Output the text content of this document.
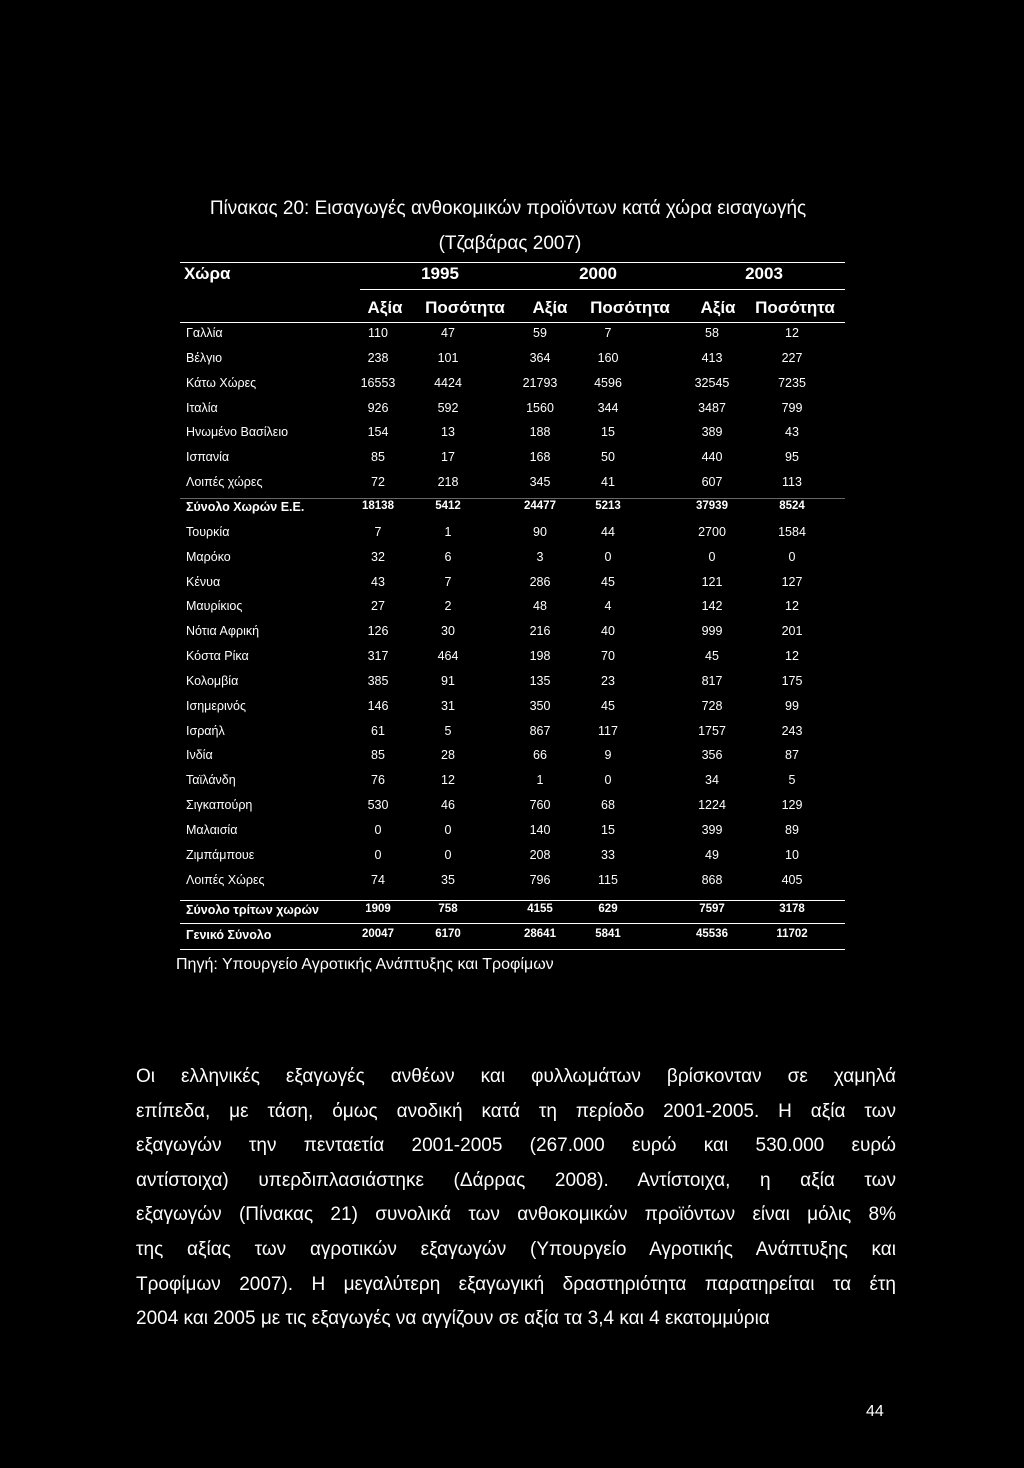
Πίνακας 20: Εισαγωγές ανθοκομικών προϊόντων κατά χώρα εισαγωγής
(Τζαβάρας 2007)
Χώρα	1995	2000	2003
Αξία	Ποσότητα	Αξία	Ποσότητα	Αξία	Ποσότητα
Γαλλία	110	47	59	7	58	12
Βέλγιο	238	101	364	160	413	227
Κάτω Χώρες	16553	4424	21793	4596	32545	7235
Ιταλία	926	592	1560	344	3487	799
Ηνωμένο Βασίλειο	154	13	188	15	389	43
Ισπανία	85	17	168	50	440	95
Λοιπές χώρες	72	218	345	41	607	113
Σύνολο Χωρών Ε.Ε.	18138	5412	24477	5213	37939	8524
Τουρκία	7	1	90	44	2700	1584
Μαρόκο	32	6	3	0	0	0
Κένυα	43	7	286	45	121	127
Μαυρίκιος	27	2	48	4	142	12
Νότια Αφρική	126	30	216	40	999	201
Κόστα Ρίκα	317	464	198	70	45	12
Κολομβία	385	91	135	23	817	175
Ισημερινός	146	31	350	45	728	99
Ισραήλ	61	5	867	117	1757	243
Ινδία	85	28	66	9	356	87
Ταϊλάνδη	76	12	1	0	34	5
Σιγκαπούρη	530	46	760	68	1224	129
Μαλαισία	0	0	140	15	399	89
Ζιμπάμπουε	0	0	208	33	49	10
Λοιπές Χώρες	74	35	796	115	868	405
Σύνολο τρίτων χωρών	1909	758	4155	629	7597	3178
Γενικό Σύνολο	20047	6170	28641	5841	45536	11702
Πηγή: Υπουργείο Αγροτικής Ανάπτυξης και Τροφίμων
Οι ελληνικές εξαγωγές ανθέων και φυλλωμάτων βρίσκονταν σε χαμηλά
επίπεδα, με τάση, όμως ανοδική κατά τη περίοδο 2001-2005. Η αξία των
εξαγωγών την πενταετία 2001-2005 (267.000 ευρώ και 530.000 ευρώ
αντίστοιχα) υπερδιπλασιάστηκε (Δάρρας 2008). Αντίστοιχα, η αξία των
εξαγωγών (Πίνακας 21) συνολικά των ανθοκομικών προϊόντων είναι μόλις 8%
της αξίας των αγροτικών εξαγωγών (Υπουργείο Αγροτικής Ανάπτυξης και
Τροφίμων 2007). Η μεγαλύτερη εξαγωγική δραστηριότητα παρατηρείται τα έτη
2004 και 2005 με τις εξαγωγές να αγγίζουν σε αξία τα 3,4 και 4 εκατομμύρια
44
